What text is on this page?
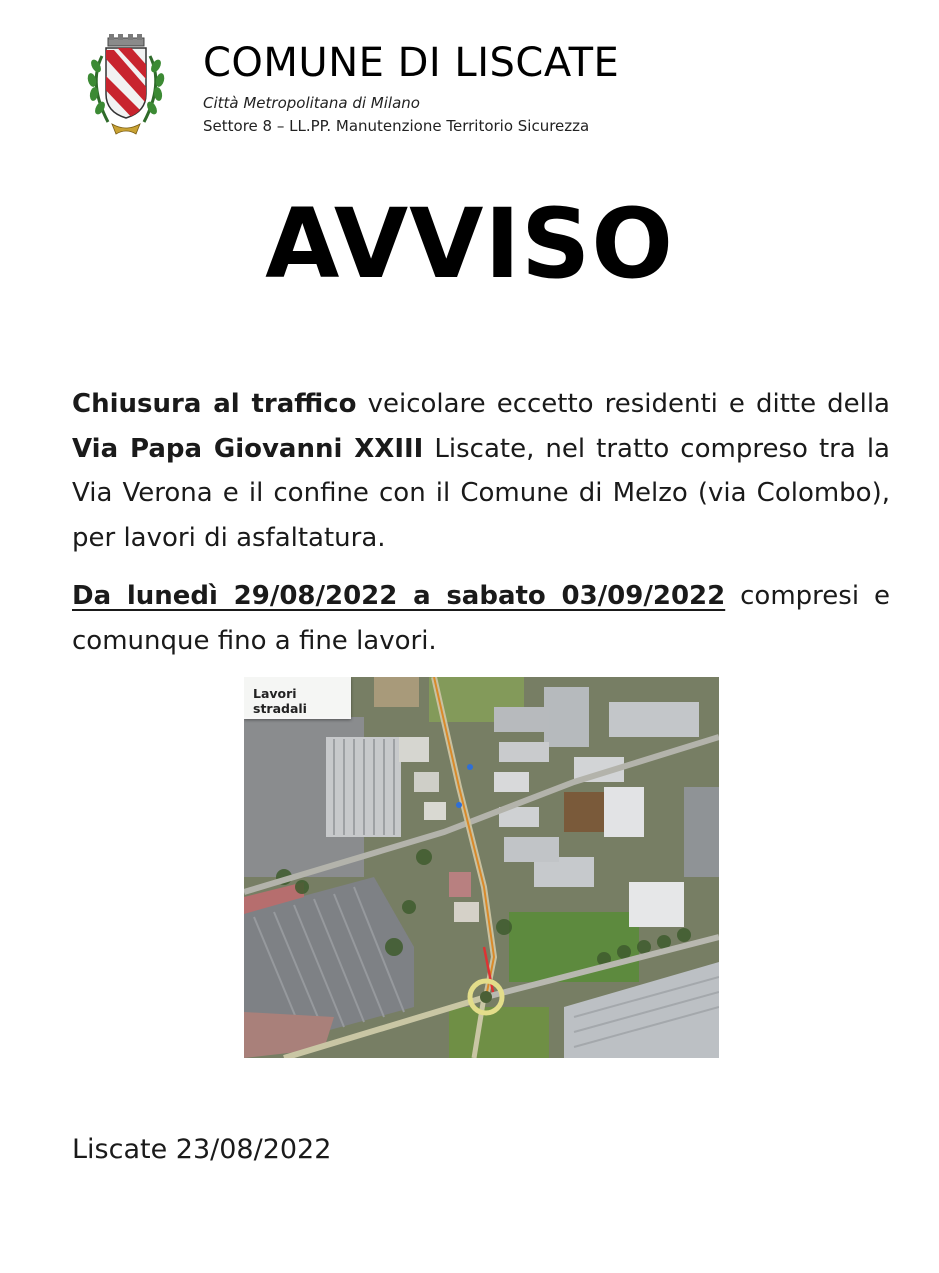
COMUNE DI LISCATE
Città Metropolitana di Milano
Settore 8 – LL.PP. Manutenzione Territorio Sicurezza
AVVISO
Chiusura al traffico veicolare eccetto residenti e ditte della Via Papa Giovanni XXIII Liscate, nel tratto compreso tra la Via Verona e il confine con il Comune di Melzo (via Colombo), per lavori di asfaltatura.
Da lunedì 29/08/2022 a sabato 03/09/2022 compresi e comunque fino a fine lavori.
Lavori stradali
Liscate 23/08/2022
